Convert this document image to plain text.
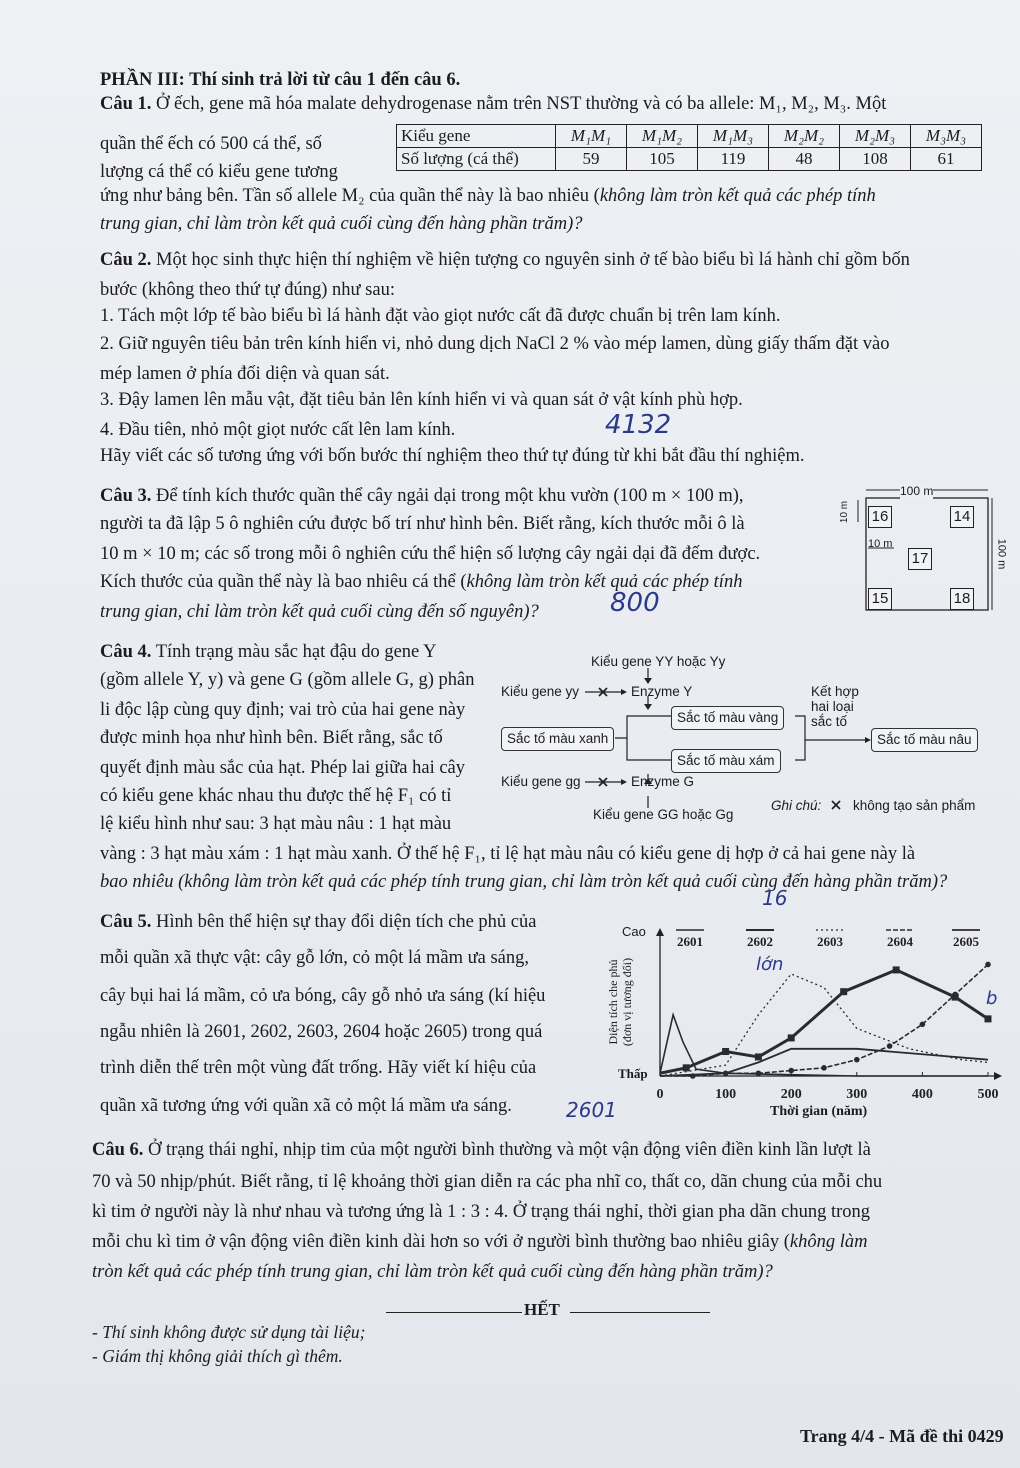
PHẦN III: Thí sinh trả lời từ câu 1 đến câu 6.
Câu 1. Ở ếch, gene mã hóa malate dehydrogenase nằm trên NST thường và có ba allele: M₁, M₂, M₃. Một
quần thể ếch có 500 cá thể, số
lượng cá thể có kiểu gene tương
Kiểu gene	M₁M₁	M₁M₂	M₁M₃	M₂M₂	M₂M₃	M₃M₃
Số lượng (cá thể)	59	105	119	48	108	61
ứng như bảng bên. Tần số allele M₂ của quần thể này là bao nhiêu (không làm tròn kết quả các phép tính
trung gian, chỉ làm tròn kết quả cuối cùng đến hàng phần trăm)?
Câu 2. Một học sinh thực hiện thí nghiệm về hiện tượng co nguyên sinh ở tế bào biểu bì lá hành chỉ gồm bốn
bước (không theo thứ tự đúng) như sau:
1. Tách một lớp tế bào biểu bì lá hành đặt vào giọt nước cất đã được chuẩn bị trên lam kính.
2. Giữ nguyên tiêu bản trên kính hiển vi, nhỏ dung dịch NaCl 2 % vào mép lamen, dùng giấy thấm đặt vào
mép lamen ở phía đối diện và quan sát.
3. Đậy lamen lên mẫu vật, đặt tiêu bản lên kính hiển vi và quan sát ở vật kính phù hợp.
4. Đầu tiên, nhỏ một giọt nước cất lên lam kính.	4132
Hãy viết các số tương ứng với bốn bước thí nghiệm theo thứ tự đúng từ khi bắt đầu thí nghiệm.
Câu 3. Để tính kích thước quần thể cây ngải dại trong một khu vườn (100 m × 100 m),
người ta đã lập 5 ô nghiên cứu được bố trí như hình bên. Biết rằng, kích thước mỗi ô là
10 m × 10 m; các số trong mỗi ô nghiên cứu thể hiện số lượng cây ngải dại đã đếm được.
Kích thước của quần thể này là bao nhiêu cá thể (không làm tròn kết quả các phép tính
trung gian, chỉ làm tròn kết quả cuối cùng đến số nguyên)?	800
100 m
100 m
10 m
10 m
16	14
17
15	18
Câu 4. Tính trạng màu sắc hạt đậu do gene Y
(gồm allele Y, y) và gene G (gồm allele G, g) phân
li độc lập cùng quy định; vai trò của hai gene này
được minh họa như hình bên. Biết rằng, sắc tố
quyết định màu sắc của hạt. Phép lai giữa hai cây
có kiểu gene khác nhau thu được thế hệ F₁ có tỉ
lệ kiểu hình như sau: 3 hạt màu nâu : 1 hạt màu
vàng : 3 hạt màu xám : 1 hạt màu xanh. Ở thế hệ F₁, tỉ lệ hạt màu nâu có kiểu gene dị hợp ở cả hai gene này là
bao nhiêu (không làm tròn kết quả các phép tính trung gian, chỉ làm tròn kết quả cuối cùng đến hàng phần trăm)?
16
Kiểu gene YY hoặc Yy
Enzyme Y
Kiểu gene yy
Sắc tố màu xanh
Sắc tố màu vàng
Kết hợp
hai loại
sắc tố
Sắc tố màu nâu
Sắc tố màu xám
Kiểu gene gg	Enzyme G
Kiểu gene GG hoặc Gg
Ghi chú: không tạo sản phẩm
Câu 5. Hình bên thể hiện sự thay đổi diện tích che phủ của
mỗi quần xã thực vật: cây gỗ lớn, cỏ một lá mầm ưa sáng,
cây bụi hai lá mầm, cỏ ưa bóng, cây gỗ nhỏ ưa sáng (kí hiệu
ngẫu nhiên là 2601, 2602, 2603, 2604 hoặc 2605) trong quá
trình diễn thế trên một vùng đất trống. Hãy viết kí hiệu của
quần xã tương ứng với quần xã cỏ một lá mầm ưa sáng.	2601
0	100	200	300	400	500
2601	2602	2603	2604	2605
Cao
Thấp
Diện tích che phủ
(đơn vị tương đối)
Thời gian (năm)
lớn
b
Câu 6. Ở trạng thái nghỉ, nhịp tim của một người bình thường và một vận động viên điền kinh lần lượt là
70 và 50 nhịp/phút. Biết rằng, tỉ lệ khoảng thời gian diễn ra các pha nhĩ co, thất co, dãn chung của mỗi chu
kì tim ở người này là như nhau và tương ứng là 1 : 3 : 4. Ở trạng thái nghỉ, thời gian pha dãn chung trong
mỗi chu kì tim ở vận động viên điền kinh dài hơn so với ở người bình thường bao nhiêu giây (không làm
tròn kết quả các phép tính trung gian, chỉ làm tròn kết quả cuối cùng đến hàng phần trăm)?
HẾT
- Thí sinh không được sử dụng tài liệu;
- Giám thị không giải thích gì thêm.
Trang 4/4 - Mã đề thi 0429
